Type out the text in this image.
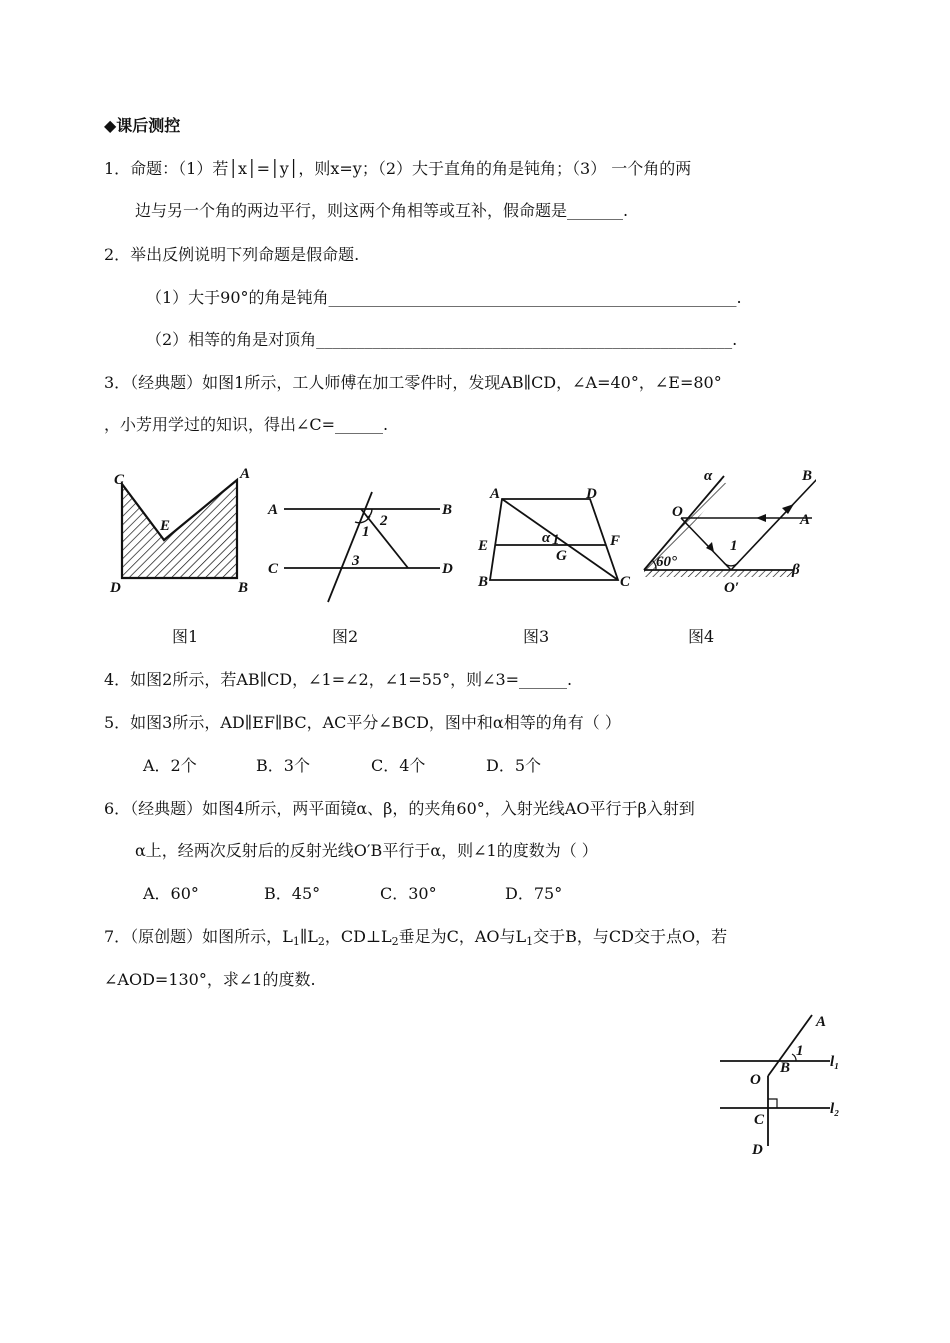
◆课后测控
1．命题：（1）若│x│=│y│，则x=y；（2）大于直角的角是钝角；（3） 一个角的两
边与另一个角的两边平行，则这两个角相等或互补，假命题是_______.
2．举出反例说明下列命题是假命题.
（1）大于90°的角是钝角___________________________________________________.
（2）相等的角是对顶角____________________________________________________.
3．（经典题）如图1所示，工人师傅在加工零件时，发现AB∥CD，∠A=40°，∠E=80°
，小芳用学过的知识，得出∠C=______.
C	A
E
D	B
A	B
C	D
2
1
3
A	D
E	F
α 1
G
B	C
α	B
O	A
60°
1
O′
β
图1	图2	图3	图4
4．如图2所示，若AB∥CD，∠1=∠2，∠1=55°，则∠3=______.
5．如图3所示，AD∥EF∥BC，AC平分∠BCD，图中和α相等的角有（ ）
A．2个	B．3个	C．4个	D．5个
6．（经典题）如图4所示，两平面镜α、β，的夹角60°，入射光线AO平行于β入射到
α上，经两次反射后的反射光线O′B平行于α，则∠1的度数为（ ）
A．60°	B．45°	C．30°	D．75°
7．（原创题）如图所示，$L_1\parallel L_2$，$CD\perp L_2$垂足为C，AO与$L_1$交于B，与CD交于点O，若
∠AOD=130°，求∠1的度数.
A
1
l₁
B
O
C
l₂
D
